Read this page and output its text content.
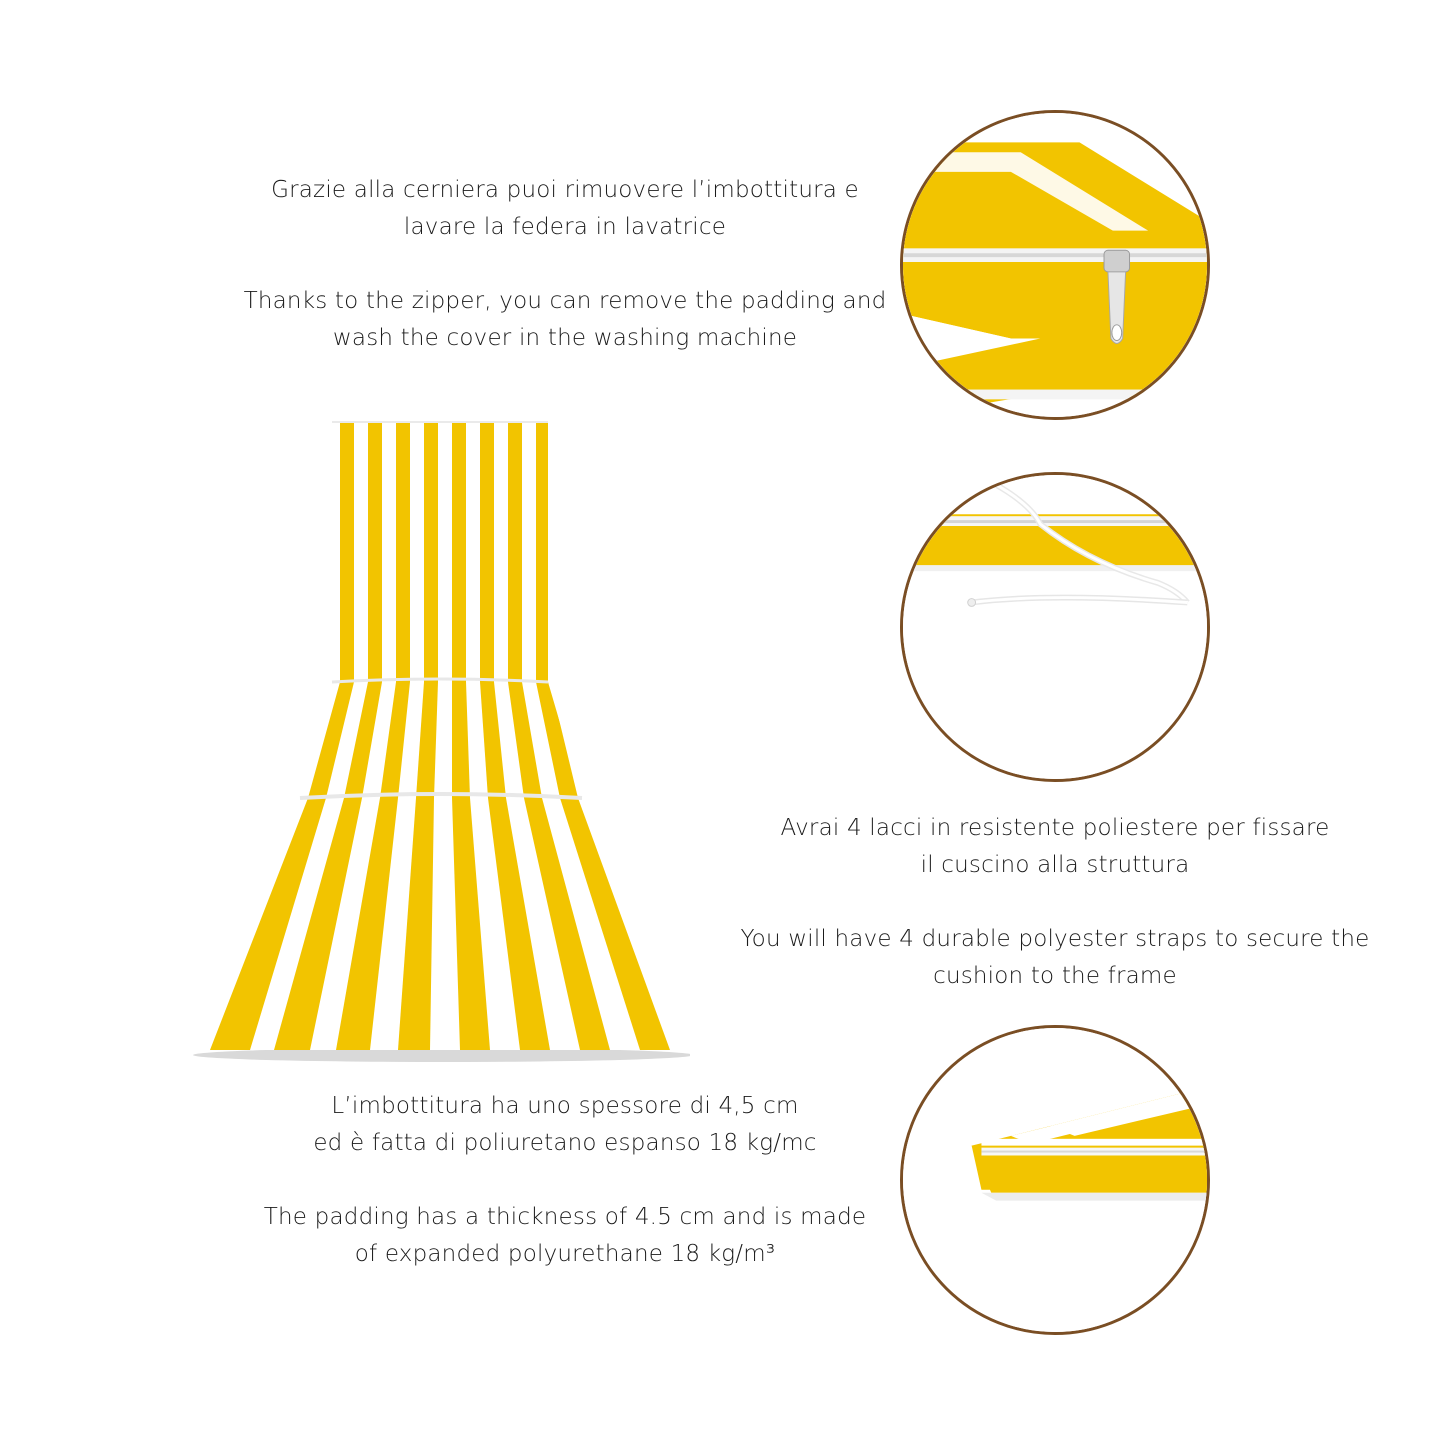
Grazie alla cerniera puoi rimuovere l’imbottitura e

lavare la federa in lavatrice

Thanks to the zipper, you can remove the padding and

wash the cover in the washing machine

Avrai 4 lacci in resistente poliestere per fissare

il cuscino alla struttura

You will have 4 durable polyester straps to secure the

cushion to the frame

L’imbottitura ha uno spessore di 4,5 cm

ed è fatta di poliuretano espanso 18 kg/mc

The padding has a thickness of 4.5 cm and is made

of expanded polyurethane 18 kg/m³
